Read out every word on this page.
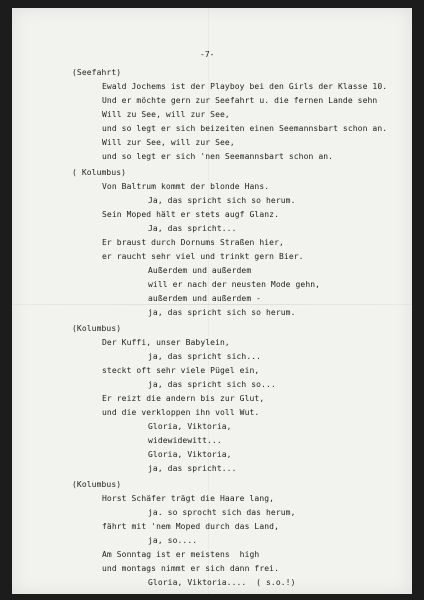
-7-
(Seefahrt)
Ewald Jochems ist der Playboy bei den Girls der Klasse 10.
Und er möchte gern zur Seefahrt u. die fernen Lande sehn
Will zu See, will zur See,
und so legt er sich beizeiten einen Seemannsbart schon an.
Will zur See, will zur See,
und so legt er sich 'nen Seemannsbart schon an.
( Kolumbus)
Von Baltrum kommt der blonde Hans.
Ja, das spricht sich so herum.
Sein Moped hält er stets augf Glanz.
Ja, das spricht...
Er braust durch Dornums Straßen hier,
er raucht sehr viel und trinkt gern Bier.
Außerdem und außerdem
will er nach der neusten Mode gehn,
außerdem und außerdem -
ja, das spricht sich so herum.
(Kolumbus)
Der Kuffi, unser Babylein,
ja, das spricht sich...
steckt oft sehr viele Pügel ein,
ja, das spricht sich so...
Er reizt die andern bis zur Glut,
und die verkloppen ihn voll Wut.
Gloria, Viktoria,
widewidewitt...
Gloria, Viktoria,
ja, das spricht...
(Kolumbus)
Horst Schäfer trägt die Haare lang,
ja. so sprocht sich das herum,
fährt mit 'nem Moped durch das Land,
ja, so....
Am Sonntag ist er meistens  high
und montags nimmt er sich dann frei.
Gloria, Viktoria....  ( s.o.!)
